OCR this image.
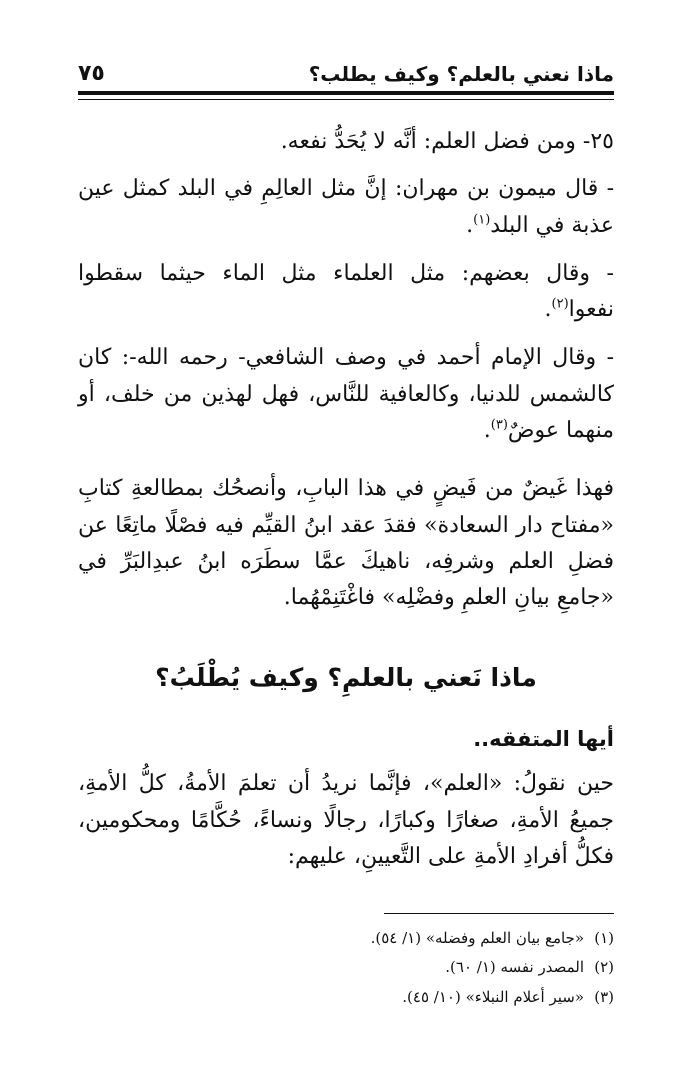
ماذا نعني بالعلم؟ وكيف يطلب؟
٧٥

٢٥- ومن فضل العلم: أنَّه لا يُحَدُّ نفعه.

- قال ميمون بن مهران: إنَّ مثل العالِمِ في البلد كمثل عين عذبة في البلد$^{(١)}$.

- وقال بعضهم: مثل العلماء مثل الماء حيثما سقطوا نفعوا$^{(٢)}$.

- وقال الإمام أحمد في وصف الشافعي- رحمه الله-: كان كالشمس للدنيا، وكالعافية للنَّاس، فهل لهذين من خلف، أو منهما عوضٌ$^{(٣)}$.

فهذا غَيضٌ من فَيضٍ في هذا البابِ، وأنصحُك بمطالعةِ كتابِ «مفتاح دار السعادة» فقدَ عقد ابنُ القيِّم فيه فصْلًا ماتِعًا عن فضلِ العلم وشرفِه، ناهيكَ عمَّا سطَرَه ابنُ عبدِالبَرِّ في «جامعِ بيانِ العلمِ وفضْلِه» فاغْتَنِمْهُما.

ماذا نَعني بالعلمِ؟ وكيف يُطْلَبُ؟
أيها المتفقه..

حين نقولُ: «العلم»، فإنَّما نريدُ أن تعلمَ الأمةُ، كلُّ الأمةِ، جميعُ الأمةِ، صغارًا وكبارًا، رجالًا ونساءً، حُكَّامًا ومحكومين، فكلُّ أفرادِ الأمةِ على التَّعيينِ، عليهم:

(١)«جامع بيان العلم وفضله» (١/ ٥٤).
(٢)المصدر نفسه (١/ ٦٠).
(٣)«سير أعلام النبلاء» (١٠/ ٤٥).
